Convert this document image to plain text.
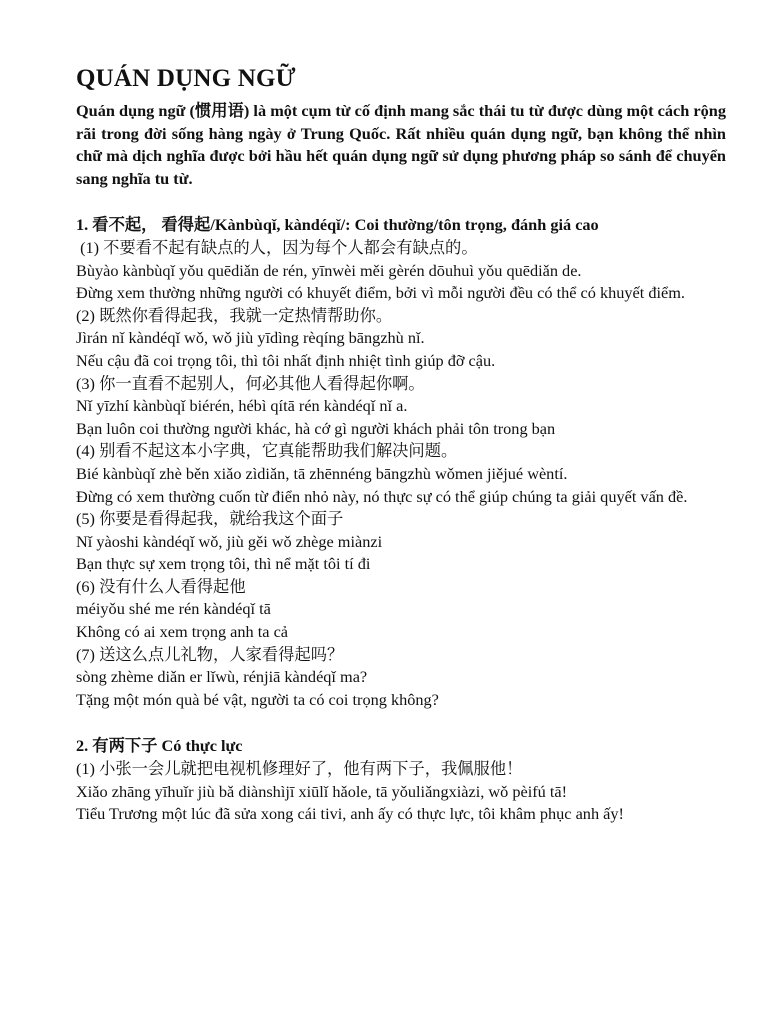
QUÁN DỤNG NGỮ

Quán dụng ngữ (惯用语) là một cụm từ cố định mang sắc thái tu từ được dùng một cách rộng rãi trong đời sống hàng ngày ở Trung Quốc. Rất nhiều quán dụng ngữ, bạn không thể nhìn chữ mà dịch nghĩa được bởi hầu hết quán dụng ngữ sử dụng phương pháp so sánh để chuyển sang nghĩa tu từ.

1. 看不起， 看得起/Kànbùqǐ, kàndéqǐ/: Coi thường/tôn trọng, đánh giá cao

(1) 不要看不起有缺点的人，因为每个人都会有缺点的。

Bùyào kànbùqǐ yǒu quēdiǎn de rén, yīnwèi měi gèrén dōuhuì yǒu quēdiǎn de.

Đừng xem thường những người có khuyết điểm, bởi vì mỗi người đều có thể có khuyết điểm.

(2) 既然你看得起我，我就一定热情帮助你。

Jìrán nǐ kàndéqǐ wǒ, wǒ jiù yīdìng rèqíng bāngzhù nǐ.

Nếu cậu đã coi trọng tôi, thì tôi nhất định nhiệt tình giúp đỡ cậu.

(3) 你一直看不起别人，何必其他人看得起你啊。

Nǐ yīzhí kànbùqǐ biérén, hébì qítā rén kàndéqǐ nǐ a.

Bạn luôn coi thường người khác, hà cớ gì người khách phải tôn trong bạn

(4) 别看不起这本小字典，它真能帮助我们解决问题。

Bié kànbùqǐ zhè běn xiǎo zìdiǎn, tā zhēnnéng bāngzhù wǒmen jiějué wèntí.

Đừng có xem thường cuốn từ điển nhỏ này, nó thực sự có thể giúp chúng ta giải quyết vấn đề.

(5) 你要是看得起我，就给我这个面子

Nǐ yàoshi kàndéqǐ wǒ, jiù gěi wǒ zhège miànzi

Bạn thực sự xem trọng tôi, thì nể mặt tôi tí đi

(6) 没有什么人看得起他

méiyǒu shé me rén kàndéqǐ tā

Không có ai xem trọng anh ta cả

(7) 送这么点儿礼物，人家看得起吗？

sòng zhème diǎn er lǐwù, rénjiā kàndéqǐ ma?

Tặng một món quà bé vật, người ta có coi trọng không?

2. 有两下子 Có thực lực

(1) 小张一会儿就把电视机修理好了，他有两下子，我佩服他！

Xiǎo zhāng yīhuǐr jiù bǎ diànshìjī xiūlǐ hǎole, tā yǒuliǎngxiàzi, wǒ pèifú tā!

Tiểu Trương một lúc đã sửa xong cái tivi, anh ấy có thực lực, tôi khâm phục anh ấy!
